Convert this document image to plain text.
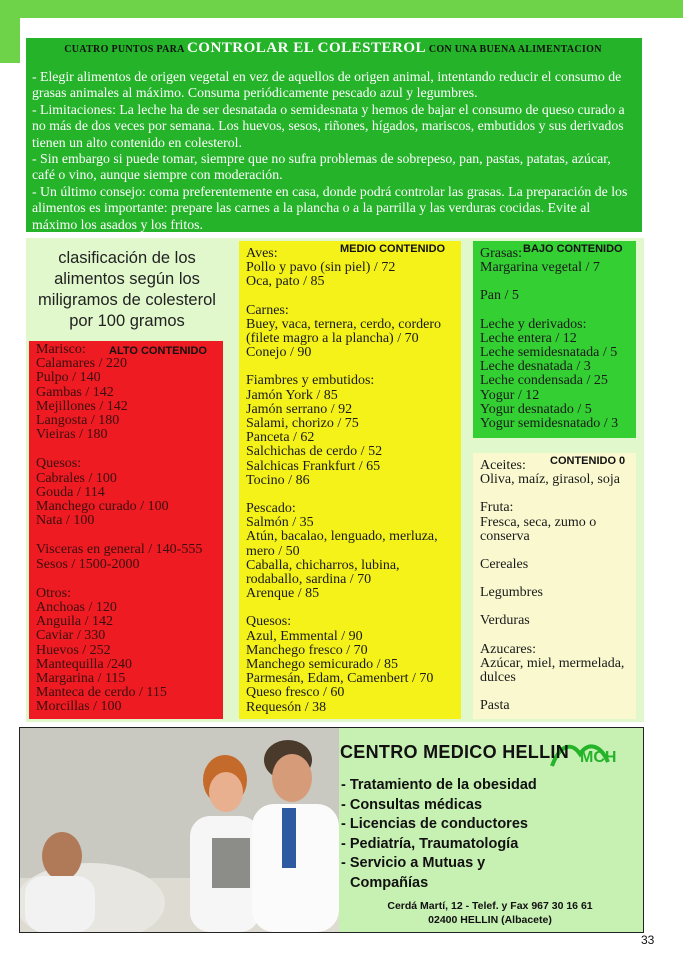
CUATRO PUNTOS PARA CONTROLAR EL COLESTEROL CON UNA BUENA ALIMENTACION

- Elegir alimentos de origen vegetal en vez de aquellos de origen animal, intentando reducir el consumo de grasas animales al máximo. Consuma periódicamente pescado azul y legumbres.

- Limitaciones: La leche ha de ser desnatada o semidesnata y hemos de bajar el consumo de queso curado a no más de dos veces por semana. Los huevos, sesos, riñones, hígados, mariscos, embutidos y sus derivados tienen un alto contenido en colesterol.

- Sin embargo si puede tomar, siempre que no sufra problemas de sobrepeso, pan, pastas, patatas, azúcar, café o vino, aunque siempre con moderación.

- Un último consejo: coma preferentemente en casa, donde podrá controlar las grasas. La preparación de los alimentos es importante: prepare las carnes a la plancha o a la parrilla y las verduras cocidas. Evite al máximo los asados y los fritos.

clasificación de los alimentos según los miligramos de colesterol por 100 gramos
ALTO CONTENIDO
Marisco:
Calamares / 220
Pulpo / 140
Gambas / 142
Mejillones / 142
Langosta / 180
Vieiras / 180
Quesos:
Cabrales / 100
Gouda / 114
Manchego curado / 100
Nata / 100
Visceras en general / 140-555
Sesos / 1500-2000
Otros:
Anchoas / 120
Anguila / 142
Caviar / 330
Huevos / 252
Mantequilla /240
Margarina / 115
Manteca de cerdo / 115
Morcillas / 100
MEDIO CONTENIDO
Aves:
Pollo y pavo (sin piel) / 72
Oca, pato / 85
Carnes:
Buey, vaca, ternera, cerdo, cordero
(filete magro a la plancha) / 70
Conejo / 90
Fiambres y embutidos:
Jamón York / 85
Jamón serrano / 92
Salami, chorizo / 75
Panceta / 62
Salchichas de cerdo / 52
Salchicas Frankfurt / 65
Tocino / 86
Pescado:
Salmón / 35
Atún, bacalao, lenguado, merluza,
mero / 50
Caballa, chicharros, lubina,
rodaballo, sardina / 70
Arenque / 85
Quesos:
Azul, Emmental / 90
Manchego fresco / 70
Manchego semicurado / 85
Parmesán, Edam, Camenbert / 70
Queso fresco / 60
Requesón / 38
BAJO CONTENIDO
Grasas:
Margarina vegetal / 7
Pan / 5
Leche y derivados:
Leche entera / 12
Leche semidesnatada / 5
Leche desnatada / 3
Leche condensada / 25
Yogur / 12
Yogur desnatado / 5
Yogur semidesnatado / 3
CONTENIDO 0
Aceites:
Oliva, maíz, girasol, soja
Fruta:
Fresca, seca, zumo o
conserva
Cereales
Legumbres
Verduras
Azucares:
Azúcar, miel, mermelada,
dulces
Pasta
MCH
CENTRO MEDICO HELLIN
- Tratamiento de la obesidad
- Consultas médicas
- Licencias de conductores
- Pediatría, Traumatología
- Servicio a Mutuas y
Compañías
Cerdá Martí, 12 - Telef. y Fax 967 30 16 61
02400 HELLIN (Albacete)
33
